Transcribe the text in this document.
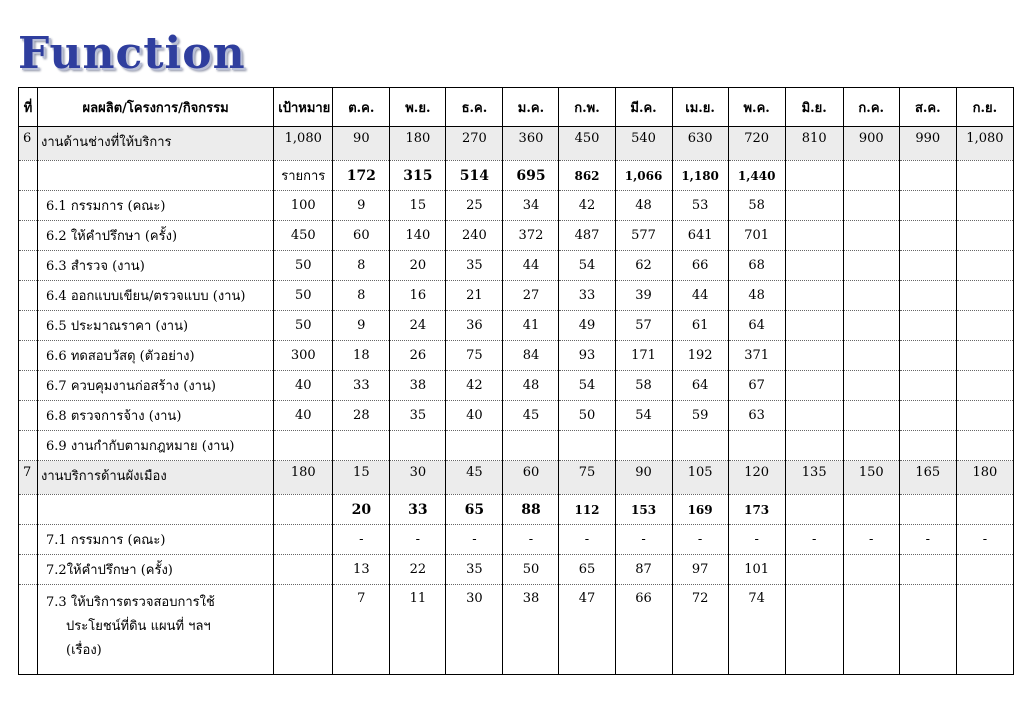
Function
ที่	ผลผลิต/โครงการ/กิจกรรม	เป้าหมาย	ต.ค.	พ.ย.	ธ.ค.	ม.ค.	ก.พ.	มี.ค.	เม.ย.	พ.ค.	มิ.ย.	ก.ค.	ส.ค.	ก.ย.
6	งานด้านช่างที่ให้บริการ	1,080	90	180	270	360	450	540	630	720	810	900	990	1,080
		รายการ	172	315	514	695	862	1,066	1,180	1,440				
	6.1 กรรมการ (คณะ)	100	9	15	25	34	42	48	53	58				
	6.2 ให้คำปรึกษา (ครั้ง)	450	60	140	240	372	487	577	641	701				
	6.3 สำรวจ (งาน)	50	8	20	35	44	54	62	66	68				
	6.4 ออกแบบเขียน/ตรวจแบบ (งาน)	50	8	16	21	27	33	39	44	48				
	6.5 ประมาณราคา (งาน)	50	9	24	36	41	49	57	61	64				
	6.6 ทดสอบวัสดุ (ตัวอย่าง)	300	18	26	75	84	93	171	192	371				
	6.7 ควบคุมงานก่อสร้าง (งาน)	40	33	38	42	48	54	58	64	67				
	6.8 ตรวจการจ้าง (งาน)	40	28	35	40	45	50	54	59	63				
	6.9 งานกำกับตามกฎหมาย (งาน)													
7	งานบริการด้านผังเมือง	180	15	30	45	60	75	90	105	120	135	150	165	180
			20	33	65	88	112	153	169	173				
	7.1 กรรมการ (คณะ)		-	-	-	-	-	-	-	-	-	-	-	-
	7.2ให้คำปรึกษา (ครั้ง)		13	22	35	50	65	87	97	101				

	7.3 ให้บริการตรวจสอบการใช้
ประโยชน์ที่ดิน แผนที่ ฯลฯ
(เรื่อง)		7	11	30	38	47	66	72	74				
